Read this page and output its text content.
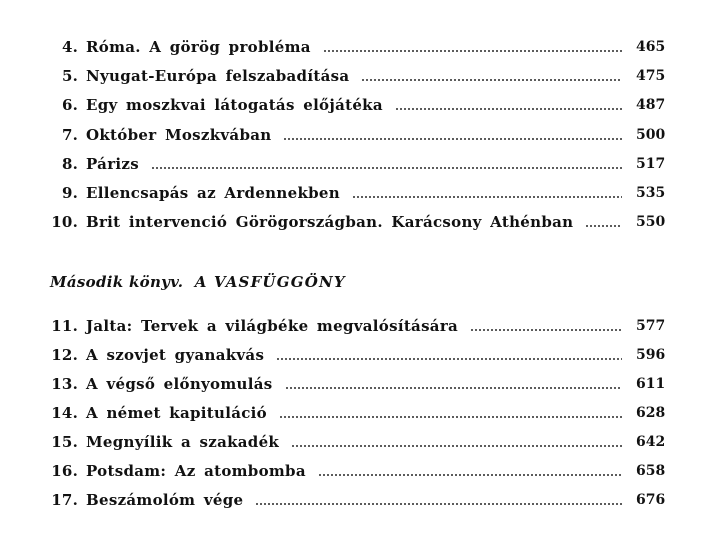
4. Róma. A görög probléma	465
5. Nyugat-Európa felszabadítása	475
6. Egy moszkvai látogatás előjátéka	487
7. Október Moszkvában	500
8. Párizs	517
9. Ellencsapás az Ardennekben	535
10. Brit intervenció Görögországban. Karácsony Athénban	550
Második könyv. A VASFÜGGÖNY
11. Jalta: Tervek a világbéke megvalósítására	577
12. A szovjet gyanakvás	596
13. A végső előnyomulás	611
14. A német kapituláció	628
15. Megnyílik a szakadék	642
16. Potsdam: Az atombomba	658
17. Beszámolóm vége	676
